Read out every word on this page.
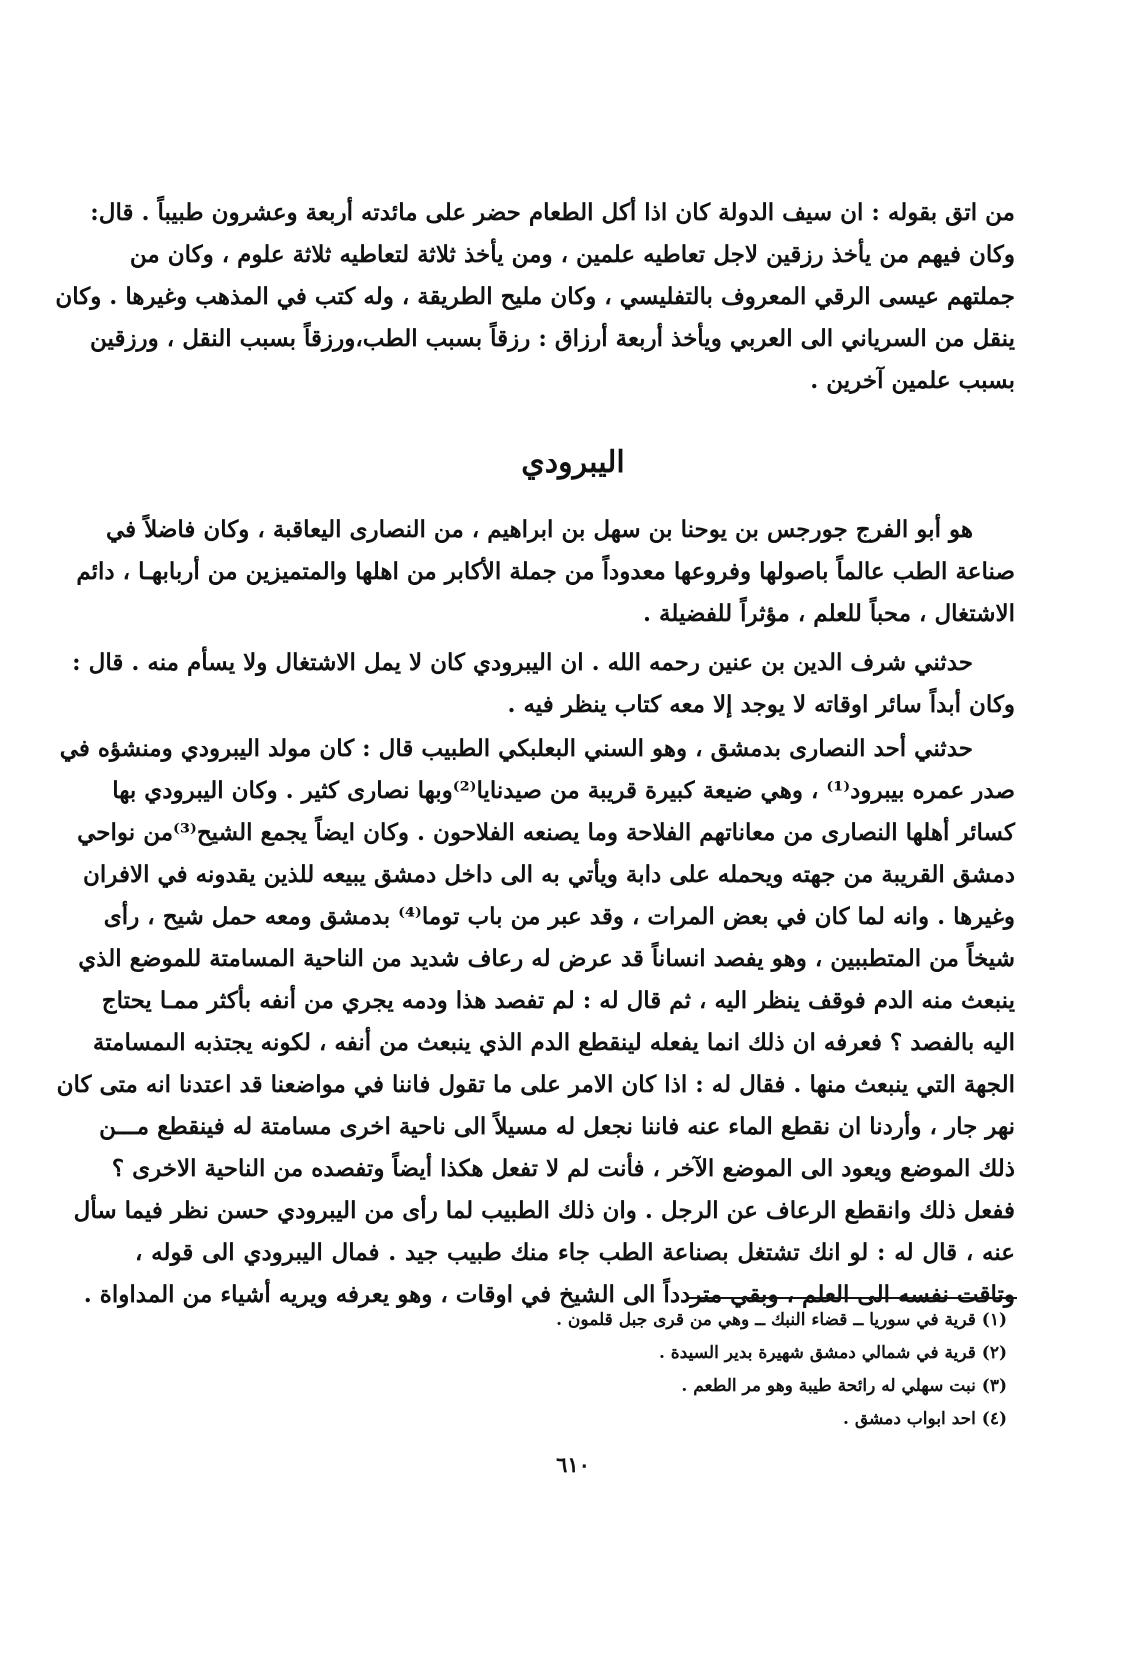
من اتق بقوله : ان سيف الدولة كان اذا أكل الطعام حضر على مائدته أربعة وعشرون طبيباً . قال:
وكان فيهم من يأخذ رزقين لاجل تعاطيه علمين ، ومن يأخذ ثلاثة لتعاطيه ثلاثة علوم ، وكان من
جملتهم عيسى الرقي المعروف بالتفليسي ، وكان مليح الطريقة ، وله كتب في المذهب وغيرها . وكان
ينقل من السرياني الى العربي ويأخذ أربعة أرزاق : رزقاً بسبب الطب،ورزقاً بسبب النقل ، ورزقين
بسبب علمين آخرين .
اليبرودي
هو أبو الفرج جورجس بن يوحنا بن سهل بن ابراهيم ، من النصارى اليعاقبة ، وكان فاضلاً في
صناعة الطب عالماً باصولها وفروعها معدوداً من جملة الأكابر من اهلها والمتميزين من أربابهـا ، دائم
الاشتغال ، محباً للعلم ، مؤثراً للفضيلة .
حدثني شرف الدين بن عنين رحمه الله . ان اليبرودي كان لا يمل الاشتغال ولا يسأم منه . قال :
وكان أبداً سائر اوقاته لا يوجد إلا معه كتاب ينظر فيه .
حدثني أحد النصارى بدمشق ، وهو السني البعلبكي الطبيب قال : كان مولد اليبرودي ومنشؤه في
صدر عمره بيبرود⁽¹⁾ ، وهي ضيعة كبيرة قريبة من صيدنايا⁽²⁾وبها نصارى كثير . وكان اليبرودي بها
كسائر أهلها النصارى من معاناتهم الفلاحة وما يصنعه الفلاحون . وكان ايضاً يجمع الشيح⁽³⁾من نواحي
دمشق القريبة من جهته ويحمله على دابة ويأتي به الى داخل دمشق يبيعه للذين يقدونه في الافران
وغيرها . وانه لما كان في بعض المرات ، وقد عبر من باب توما⁽⁴⁾ بدمشق ومعه حمل شيح ، رأى
شيخاً من المتطببين ، وهو يفصد انساناً قد عرض له رعاف شديد من الناحية المسامتة للموضع الذي
ينبعث منه الدم فوقف ينظر اليه ، ثم قال له : لم تفصد هذا ودمه يجري من أنفه بأكثر ممـا يحتاج
اليه بالفصد ؟ فعرفه ان ذلك انما يفعله لينقطع الدم الذي ينبعث من أنفه ، لكونه يجتذبه الىمسامتة
الجهة التي ينبعث منها . فقال له : اذا كان الامر على ما تقول فاننا في مواضعنا قد اعتدنا انه متى كان
نهر جار ، وأردنا ان نقطع الماء عنه فاننا نجعل له مسيلاً الى ناحية اخرى مسامتة له فينقطع مـــن
ذلك الموضع ويعود الى الموضع الآخر ، فأنت لم لا تفعل هكذا أيضاً وتفصده من الناحية الاخرى ؟
ففعل ذلك وانقطع الرعاف عن الرجل . وان ذلك الطبيب لما رأى من اليبرودي حسن نظر فيما سأل
عنه ، قال له : لو انك تشتغل بصناعة الطب جاء منك طبيب جيد . فمال اليبرودي الى قوله ،
وتاقت نفسه الى العلم ، وبقي متردداً الى الشيخ في اوقات ، وهو يعرفه ويريه أشياء من المداواة .
(١) قرية في سوريا ــ قضاء النبك ــ وهي من قرى جبل قلمون .
(٢) قرية في شمالي دمشق شهيرة بدير السيدة .
(٣) نبت سهلي له رائحة طيبة وهو مر الطعم .
(٤) احد ابواب دمشق .
٦١٠
